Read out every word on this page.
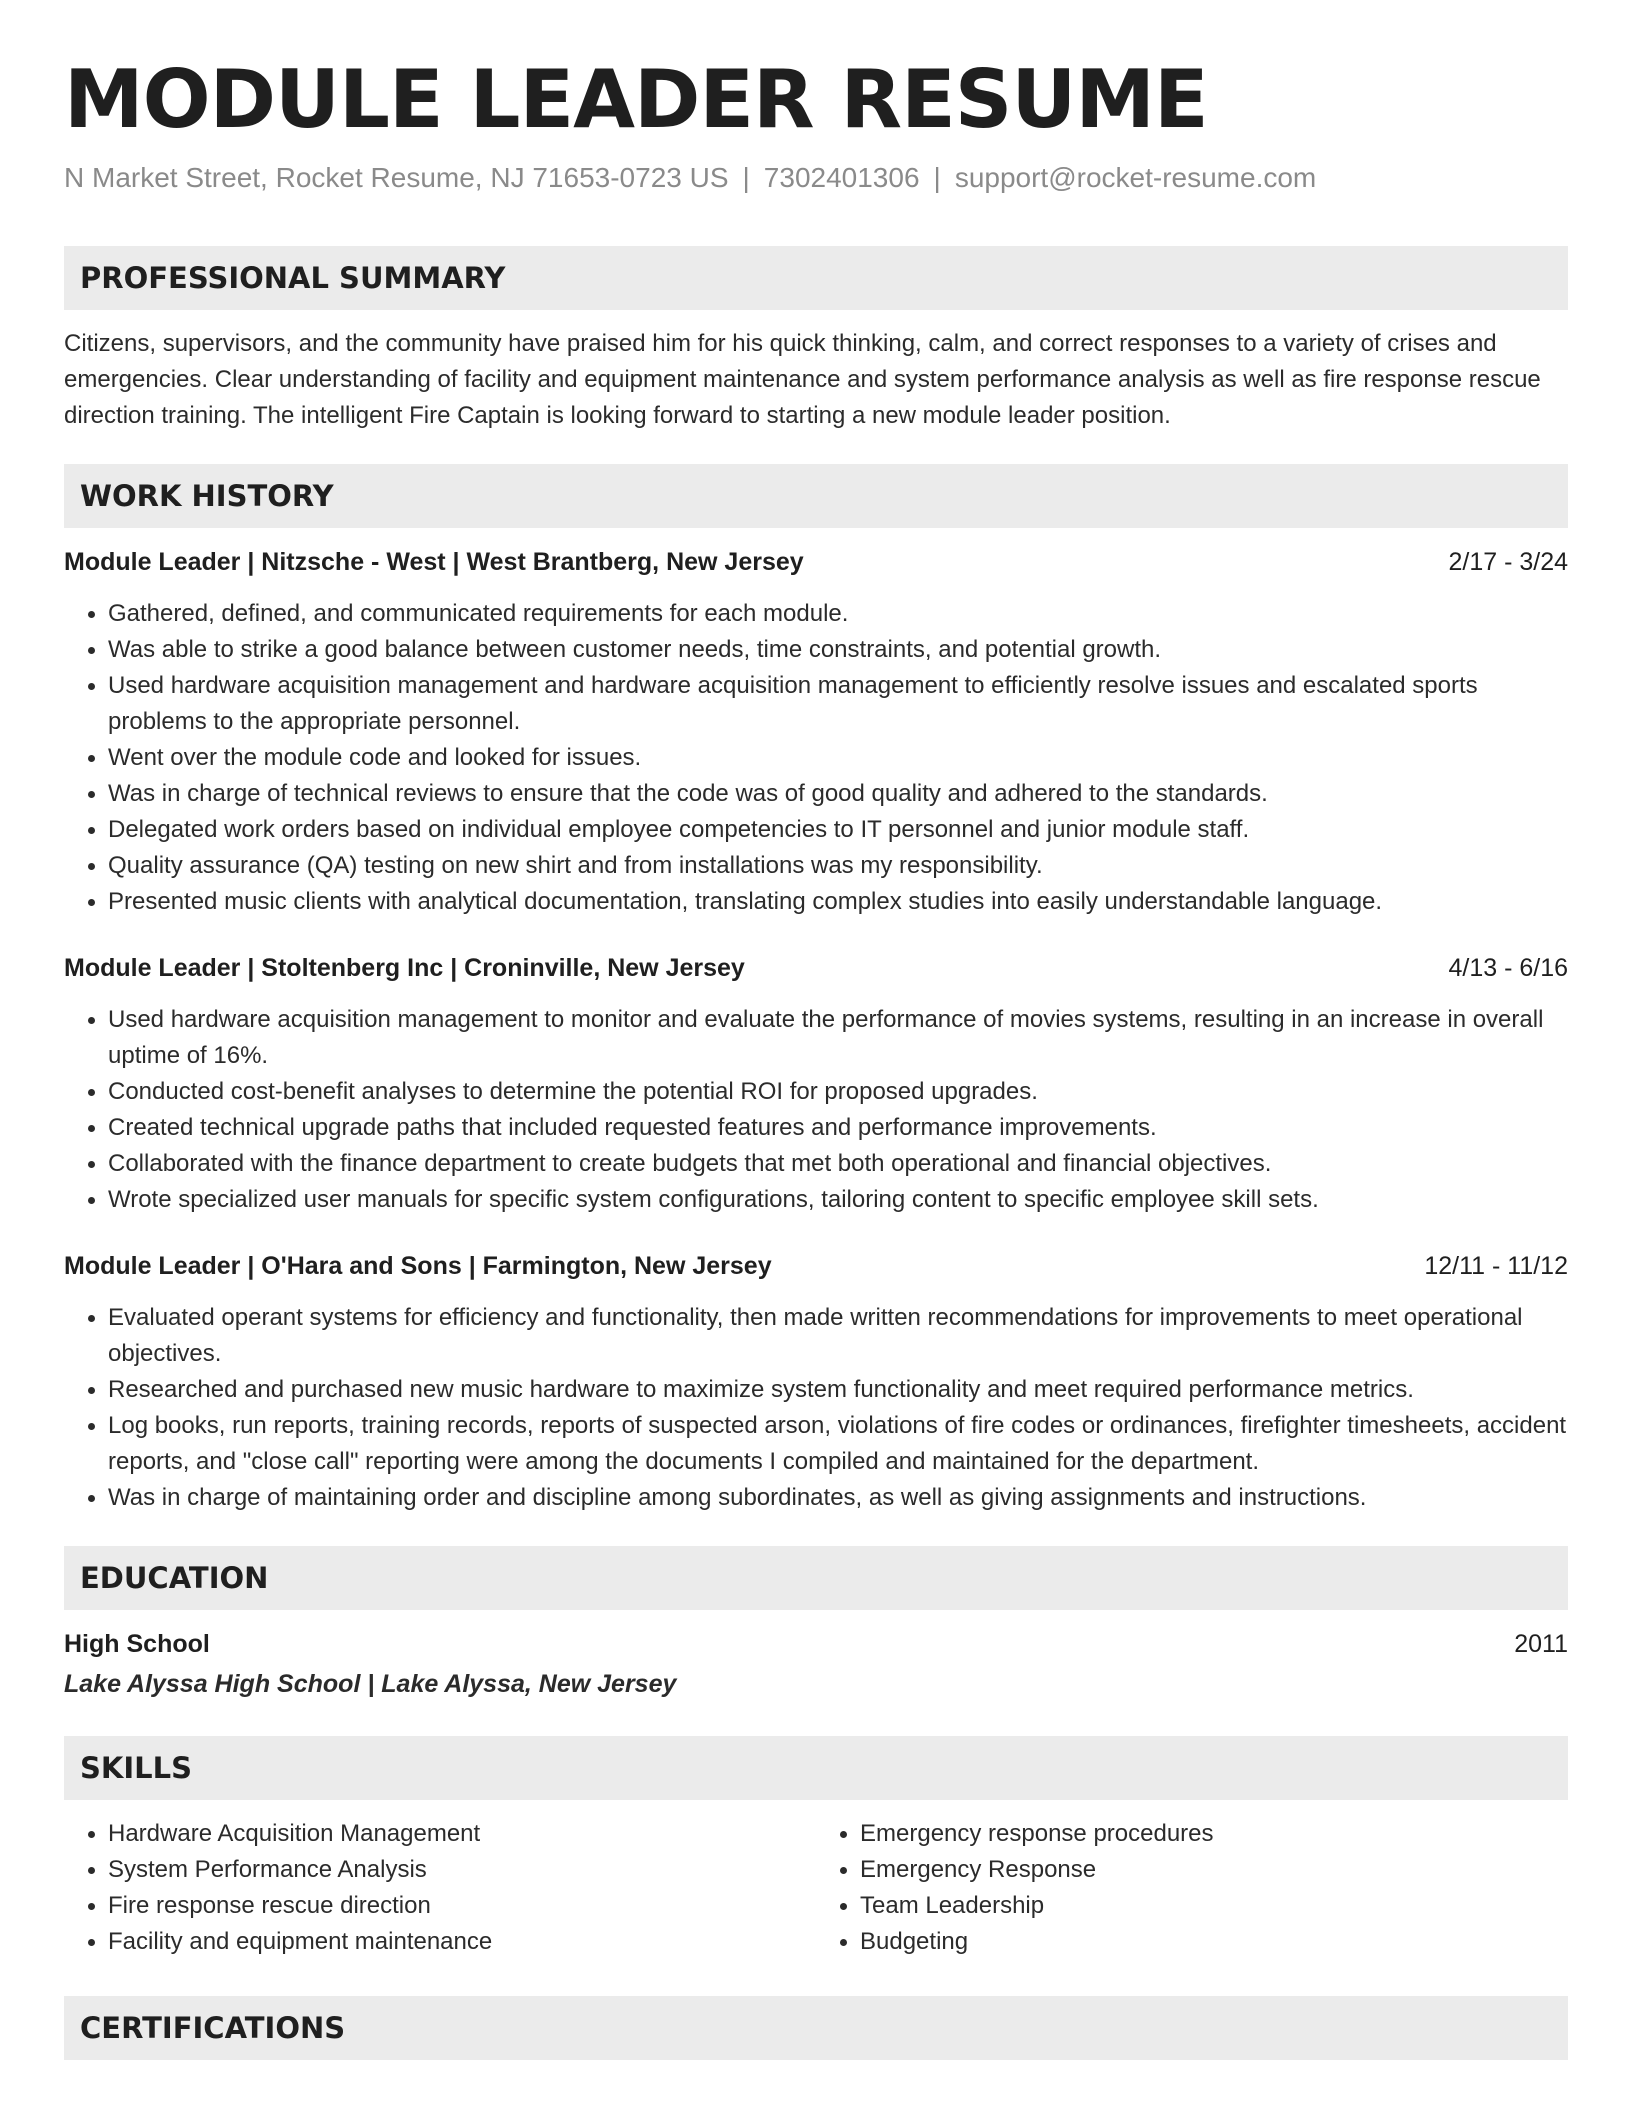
MODULE LEADER RESUME
N Market Street, Rocket Resume, NJ 71653-0723 US | 7302401306 | support@rocket-resume.com
PROFESSIONAL SUMMARY
Citizens, supervisors, and the community have praised him for his quick thinking, calm, and correct responses to a variety of crises and emergencies. Clear understanding of facility and equipment maintenance and system performance analysis as well as fire response rescue direction training. The intelligent Fire Captain is looking forward to starting a new module leader position.
WORK HISTORY
Module Leader | Nitzsche - West | West Brantberg, New Jersey	2/17 - 3/24
• Gathered, defined, and communicated requirements for each module.
• Was able to strike a good balance between customer needs, time constraints, and potential growth.
• Used hardware acquisition management and hardware acquisition management to efficiently resolve issues and escalated sports problems to the appropriate personnel.
• Went over the module code and looked for issues.
• Was in charge of technical reviews to ensure that the code was of good quality and adhered to the standards.
• Delegated work orders based on individual employee competencies to IT personnel and junior module staff.
• Quality assurance (QA) testing on new shirt and from installations was my responsibility.
• Presented music clients with analytical documentation, translating complex studies into easily understandable language.
Module Leader | Stoltenberg Inc | Croninville, New Jersey	4/13 - 6/16
• Used hardware acquisition management to monitor and evaluate the performance of movies systems, resulting in an increase in overall uptime of 16%.
• Conducted cost-benefit analyses to determine the potential ROI for proposed upgrades.
• Created technical upgrade paths that included requested features and performance improvements.
• Collaborated with the finance department to create budgets that met both operational and financial objectives.
• Wrote specialized user manuals for specific system configurations, tailoring content to specific employee skill sets.
Module Leader | O'Hara and Sons | Farmington, New Jersey	12/11 - 11/12
• Evaluated operant systems for efficiency and functionality, then made written recommendations for improvements to meet operational objectives.
• Researched and purchased new music hardware to maximize system functionality and meet required performance metrics.
• Log books, run reports, training records, reports of suspected arson, violations of fire codes or ordinances, firefighter timesheets, accident reports, and "close call" reporting were among the documents I compiled and maintained for the department.
• Was in charge of maintaining order and discipline among subordinates, as well as giving assignments and instructions.
EDUCATION
High School	2011
Lake Alyssa High School | Lake Alyssa, New Jersey
SKILLS
• Hardware Acquisition Management
• System Performance Analysis
• Fire response rescue direction
• Facility and equipment maintenance
• Emergency response procedures
• Emergency Response
• Team Leadership
• Budgeting
CERTIFICATIONS
